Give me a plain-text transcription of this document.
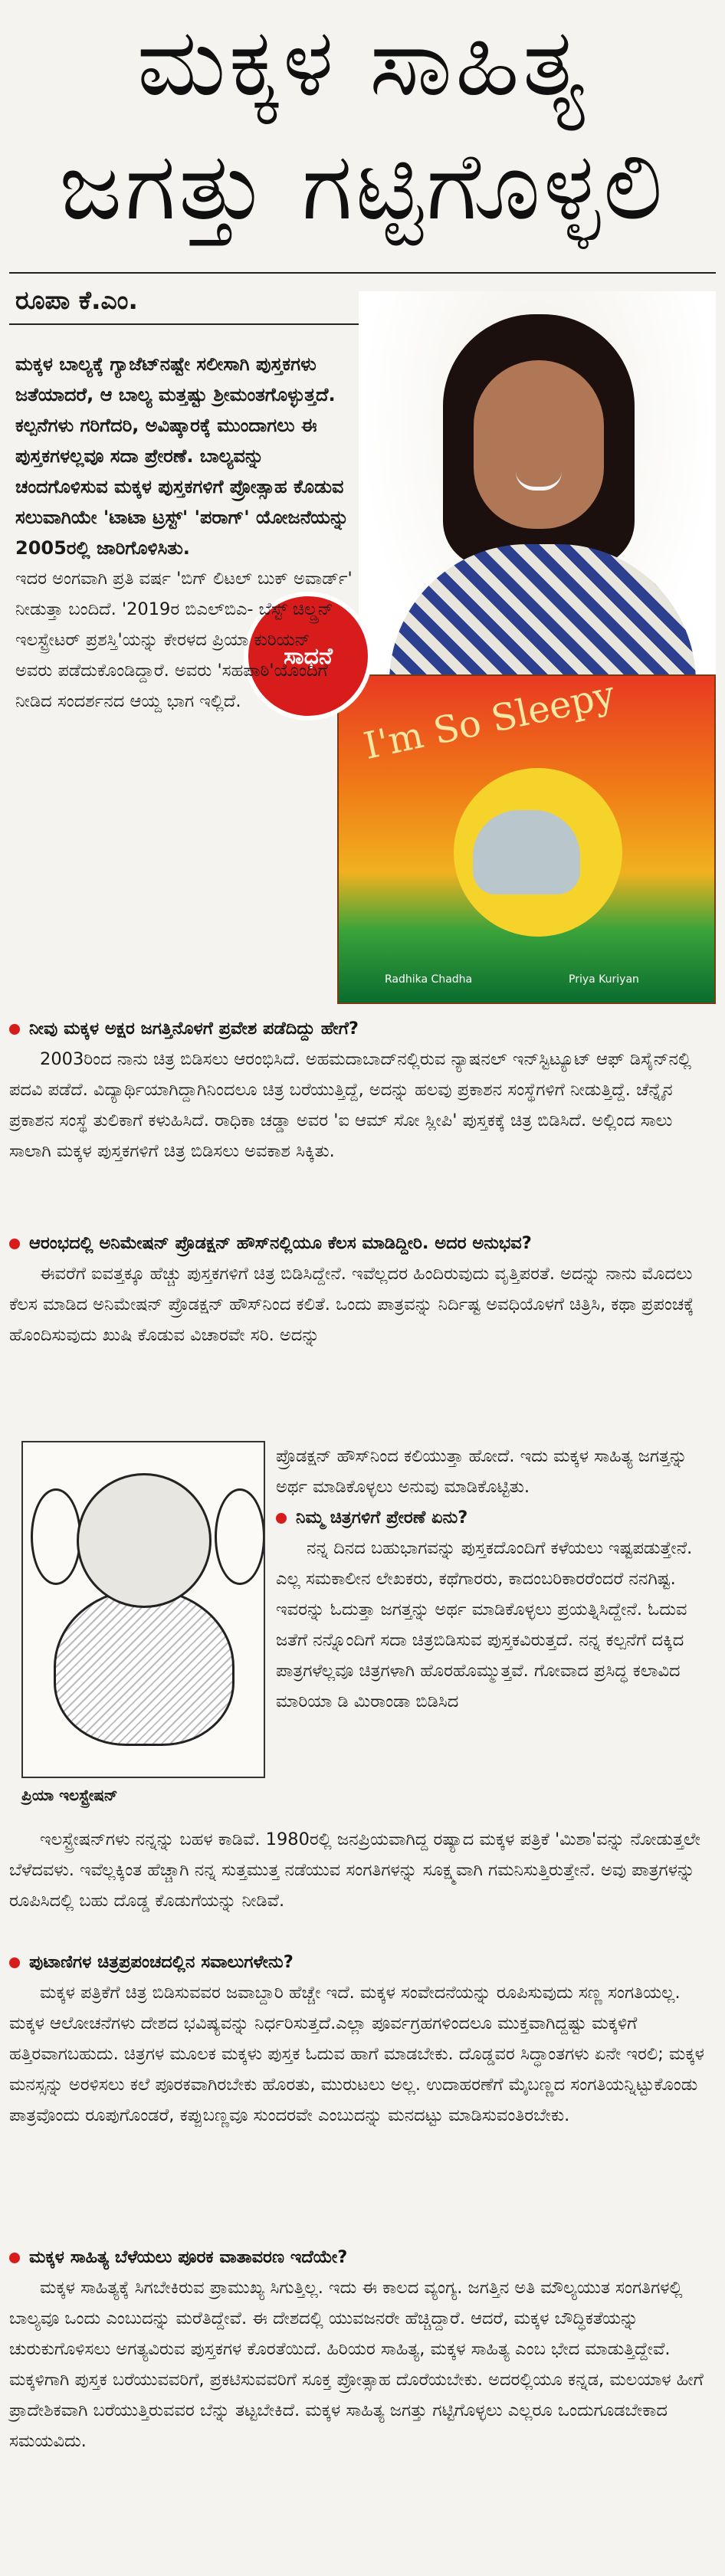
ಮಕ್ಕಳ ಸಾಹಿತ್ಯ
ಜಗತ್ತು ಗಟ್ಟಿಗೊಳ್ಳಲಿ
ರೂಪಾ ಕೆ.ಎಂ.
I'm So Sleepy
Radhika Chadha	Priya Kuriyan
ಸಾಧನೆ

ಮಕ್ಕಳ ಬಾಲ್ಯಕ್ಕೆ ಗ್ಯಾಜೆಟ್‌ನಷ್ಟೇ ಸಲೀಸಾಗಿ ಪುಸ್ತಕಗಳು ಜತೆಯಾದರೆ, ಆ ಬಾಲ್ಯ ಮತ್ತಷ್ಟು ಶ್ರೀಮಂತಗೊಳ್ಳುತ್ತದೆ. ಕಲ್ಪನೆಗಳು ಗರಿಗೆದರಿ, ಅವಿಷ್ಕಾರಕ್ಕೆ ಮುಂದಾಗಲು ಈ ಪುಸ್ತಕಗಳಲ್ಲವೂ ಸದಾ ಪ್ರೇರಣೆ. ಬಾಲ್ಯವನ್ನು ಚಂದಗೊಳಿಸುವ ಮಕ್ಕಳ ಪುಸ್ತಕಗಳಿಗೆ ಪ್ರೋತ್ಸಾಹ ಕೊಡುವ ಸಲುವಾಗಿಯೇ 'ಟಾಟಾ ಟ್ರಸ್ಟ್' 'ಪರಾಗ್' ಯೋಜನೆಯನ್ನು 2005ರಲ್ಲಿ ಜಾರಿಗೊಳಿಸಿತು.

ಇದರ ಅಂಗವಾಗಿ ಪ್ರತಿ ವರ್ಷ 'ಬಿಗ್ ಲಿಟಲ್ ಬುಕ್ ಅವಾರ್ಡ್' ನೀಡುತ್ತಾ ಬಂದಿದೆ. '2019ರ ಬಿಎಲ್‌ಬಿಎ- ಬೆಸ್ಟ್ ಚಿಲ್ಡ್ರನ್ ಇಲಸ್ಟ್ರೇಟರ್ ಪ್ರಶಸ್ತಿ'ಯನ್ನು ಕೇರಳದ ಪ್ರಿಯಾ ಕುರಿಯನ್ ಅವರು ಪಡೆದುಕೊಂಡಿದ್ದಾರೆ. ಅವರು 'ಸಹಪಾಠಿ'ಯೊಂದಿಗೆ ನೀಡಿದ ಸಂದರ್ಶನದ ಆಯ್ದ ಭಾಗ ಇಲ್ಲಿದೆ.

ನೀವು ಮಕ್ಕಳ ಅಕ್ಷರ ಜಗತ್ತಿನೊಳಗೆ ಪ್ರವೇಶ ಪಡೆದಿದ್ದು ಹೇಗೆ?
2003ರಿಂದ ನಾನು ಚಿತ್ರ ಬಿಡಿಸಲು ಆರಂಭಿಸಿದೆ. ಅಹಮದಾಬಾದ್‌ನಲ್ಲಿರುವ ನ್ಯಾಷನಲ್ ಇನ್‌ಸ್ಟಿಟ್ಯೂಟ್ ಆಫ್ ಡಿಸೈನ್‌ನಲ್ಲಿ ಪದವಿ ಪಡೆದೆ. ವಿದ್ಯಾರ್ಥಿಯಾಗಿದ್ದಾಗಿನಿಂದಲೂ ಚಿತ್ರ ಬರೆಯುತ್ತಿದ್ದೆ, ಅದನ್ನು ಹಲವು ಪ್ರಕಾಶನ ಸಂಸ್ಥೆಗಳಿಗೆ ನೀಡುತ್ತಿದ್ದೆ. ಚೆನ್ನೈನ ಪ್ರಕಾಶನ ಸಂಸ್ಥೆ ತುಲಿಕಾಗೆ ಕಳುಹಿಸಿದೆ. ರಾಧಿಕಾ ಚಡ್ಡಾ ಅವರ 'ಐ ಆಮ್ ಸೋ ಸ್ಲೀಪಿ' ಪುಸ್ತಕಕ್ಕೆ ಚಿತ್ರ ಬಿಡಿಸಿದೆ. ಅಲ್ಲಿಂದ ಸಾಲು ಸಾಲಾಗಿ ಮಕ್ಕಳ ಪುಸ್ತಕಗಳಿಗೆ ಚಿತ್ರ ಬಿಡಿಸಲು ಅವಕಾಶ ಸಿಕ್ಕಿತು.
ಆರಂಭದಲ್ಲಿ ಅನಿಮೇಷನ್ ಪ್ರೊಡಕ್ಷನ್ ಹೌಸ್‌ನಲ್ಲಿಯೂ ಕೆಲಸ ಮಾಡಿದ್ದೀರಿ. ಅದರ ಅನುಭವ?
ಈವರೆಗೆ ಐವತ್ತಕ್ಕೂ ಹೆಚ್ಚು ಪುಸ್ತಕಗಳಿಗೆ ಚಿತ್ರ ಬಿಡಿಸಿದ್ದೇನೆ. ಇವೆಲ್ಲದರ ಹಿಂದಿರುವುದು ವೃತ್ತಿಪರತೆ. ಅದನ್ನು ನಾನು ಮೊದಲು ಕೆಲಸ ಮಾಡಿದ ಅನಿಮೇಷನ್ ಪ್ರೊಡಕ್ಷನ್ ಹೌಸ್‌ನಿಂದ ಕಲಿತೆ. ಒಂದು ಪಾತ್ರವನ್ನು ನಿರ್ದಿಷ್ಟ ಅವಧಿಯೊಳಗೆ ಚಿತ್ರಿಸಿ, ಕಥಾ ಪ್ರಪಂಚಕ್ಕೆ ಹೊಂದಿಸುವುದು ಖುಷಿ ಕೊಡುವ ವಿಚಾರವೇ ಸರಿ. ಅದನ್ನು
ಪ್ರಿಯಾ ಇಲಸ್ಟ್ರೇಷನ್
ಪ್ರೊಡಕ್ಷನ್ ಹೌಸ್‌ನಿಂದ ಕಲಿಯುತ್ತಾ ಹೋದೆ. ಇದು ಮಕ್ಕಳ ಸಾಹಿತ್ಯ ಜಗತ್ತನ್ನು ಅರ್ಥ ಮಾಡಿಕೊಳ್ಳಲು ಅನುವು ಮಾಡಿಕೊಟ್ಟಿತು.
ನಿಮ್ಮ ಚಿತ್ರಗಳಿಗೆ ಪ್ರೇರಣೆ ಏನು?
ನನ್ನ ದಿನದ ಬಹುಭಾಗವನ್ನು ಪುಸ್ತಕದೊಂದಿಗೆ ಕಳೆಯಲು ಇಷ್ಟಪಡುತ್ತೇನೆ. ಎಲ್ಲ ಸಮಕಾಲೀನ ಲೇಖಕರು, ಕಥೆಗಾರರು, ಕಾದಂಬರಿಕಾರರೆಂದರೆ ನನಗಿಷ್ಟ. ಇವರನ್ನು ಓದುತ್ತಾ ಜಗತ್ತನ್ನು ಅರ್ಥ ಮಾಡಿಕೊಳ್ಳಲು ಪ್ರಯತ್ನಿಸಿದ್ದೇನೆ. ಓದುವ ಜತೆಗೆ ನನ್ನೊಂದಿಗೆ ಸದಾ ಚಿತ್ರಬಿಡಿಸುವ ಪುಸ್ತಕವಿರುತ್ತದೆ. ನನ್ನ ಕಲ್ಪನೆಗೆ ದಕ್ಕಿದ ಪಾತ್ರಗಳೆಲ್ಲವೂ ಚಿತ್ರಗಳಾಗಿ ಹೊರಹೊಮ್ಮುತ್ತವೆ. ಗೋವಾದ ಪ್ರಸಿದ್ಧ ಕಲಾವಿದ ಮಾರಿಯಾ ಡಿ ಮಿರಾಂಡಾ ಬಿಡಿಸಿದ
ಇಲಸ್ಟ್ರೇಷನ್‌ಗಳು ನನ್ನನ್ನು ಬಹಳ ಕಾಡಿವೆ. 1980ರಲ್ಲಿ ಜನಪ್ರಿಯವಾಗಿದ್ದ ರಷ್ಯಾದ ಮಕ್ಕಳ ಪತ್ರಿಕೆ 'ಮಿಶಾ'ವನ್ನು ನೋಡುತ್ತಲೇ ಬೆಳೆದವಳು. ಇವೆಲ್ಲಕ್ಕಿಂತ ಹೆಚ್ಚಾಗಿ ನನ್ನ ಸುತ್ತಮುತ್ತ ನಡೆಯುವ ಸಂಗತಿಗಳನ್ನು ಸೂಕ್ಷ್ಮವಾಗಿ ಗಮನಿಸುತ್ತಿರುತ್ತೇನೆ. ಅವು ಪಾತ್ರಗಳನ್ನು ರೂಪಿಸಿದಲ್ಲಿ ಬಹು ದೊಡ್ಡ ಕೊಡುಗೆಯನ್ನು ನೀಡಿವೆ.
ಪುಟಾಣಿಗಳ ಚಿತ್ರಪ್ರಪಂಚದಲ್ಲಿನ ಸವಾಲುಗಳೇನು?
ಮಕ್ಕಳ ಪತ್ರಿಕೆಗೆ ಚಿತ್ರ ಬಿಡಿಸುವವರ ಜವಾಬ್ದಾರಿ ಹೆಚ್ಚೇ ಇದೆ. ಮಕ್ಕಳ ಸಂವೇದನೆಯನ್ನು ರೂಪಿಸುವುದು ಸಣ್ಣ ಸಂಗತಿಯಲ್ಲ. ಮಕ್ಕಳ ಆಲೋಚನೆಗಳು ದೇಶದ ಭವಿಷ್ಯವನ್ನು ನಿರ್ಧರಿಸುತ್ತದೆ.ಎಲ್ಲಾ ಪೂರ್ವಗ್ರಹಗಳಿಂದಲೂ ಮುಕ್ತವಾಗಿದ್ದಷ್ಟು ಮಕ್ಕಳಿಗೆ ಹತ್ತಿರವಾಗಬಹುದು. ಚಿತ್ರಗಳ ಮೂಲಕ ಮಕ್ಕಳು ಪುಸ್ತಕ ಓದುವ ಹಾಗೆ ಮಾಡಬೇಕು. ದೊಡ್ಡವರ ಸಿದ್ಧಾಂತಗಳು ಏನೇ ಇರಲಿ; ಮಕ್ಕಳ ಮನಸ್ಸನ್ನು ಅರಳಿಸಲು ಕಲೆ ಪೂರಕವಾಗಿರಬೇಕು ಹೊರತು, ಮುರುಟಲು ಅಲ್ಲ. ಉದಾಹರಣೆಗೆ ಮೈಬಣ್ಣದ ಸಂಗತಿಯನ್ನಿಟ್ಟುಕೊಂಡು ಪಾತ್ರವೊಂದು ರೂಪುಗೊಂಡರೆ, ಕಪ್ಪುಬಣ್ಣವೂ ಸುಂದರವೇ ಎಂಬುದನ್ನು ಮನದಟ್ಟು ಮಾಡಿಸುವಂತಿರಬೇಕು.
ಮಕ್ಕಳ ಸಾಹಿತ್ಯ ಬೆಳೆಯಲು ಪೂರಕ ವಾತಾವರಣ ಇದೆಯೇ?
ಮಕ್ಕಳ ಸಾಹಿತ್ಯಕ್ಕೆ ಸಿಗಬೇಕಿರುವ ಪ್ರಾಮುಖ್ಯ ಸಿಗುತ್ತಿಲ್ಲ. ಇದು ಈ ಕಾಲದ ವ್ಯಂಗ್ಯ. ಜಗತ್ತಿನ ಅತಿ ಮೌಲ್ಯಯುತ ಸಂಗತಿಗಳಲ್ಲಿ ಬಾಲ್ಯವೂ ಒಂದು ಎಂಬುದನ್ನು ಮರೆತಿದ್ದೇವೆ. ಈ ದೇಶದಲ್ಲಿ ಯುವಜನರೇ ಹೆಚ್ಚಿದ್ದಾರೆ. ಆದರೆ, ಮಕ್ಕಳ ಬೌದ್ಧಿಕತೆಯನ್ನು ಚುರುಕುಗೊಳಿಸಲು ಅಗತ್ಯವಿರುವ ಪುಸ್ತಕಗಳ ಕೊರತೆಯಿದೆ. ಹಿರಿಯರ ಸಾಹಿತ್ಯ, ಮಕ್ಕಳ ಸಾಹಿತ್ಯ ಎಂಬ ಭೇದ ಮಾಡುತ್ತಿದ್ದೇವೆ. ಮಕ್ಕಳಿಗಾಗಿ ಪುಸ್ತಕ ಬರೆಯುವವರಿಗೆ, ಪ್ರಕಟಿಸುವವರಿಗೆ ಸೂಕ್ತ ಪ್ರೋತ್ಸಾಹ ದೊರೆಯಬೇಕು. ಅದರಲ್ಲಿಯೂ ಕನ್ನಡ, ಮಲಯಾಳ ಹೀಗೆ ಪ್ರಾದೇಶಿಕವಾಗಿ ಬರೆಯುತ್ತಿರುವವರ ಬೆನ್ನು ತಟ್ಟಬೇಕಿದೆ. ಮಕ್ಕಳ ಸಾಹಿತ್ಯ ಜಗತ್ತು ಗಟ್ಟಿಗೊಳ್ಳಲು ಎಲ್ಲರೂ ಒಂದುಗೂಡಬೇಕಾದ ಸಮಯವಿದು.
